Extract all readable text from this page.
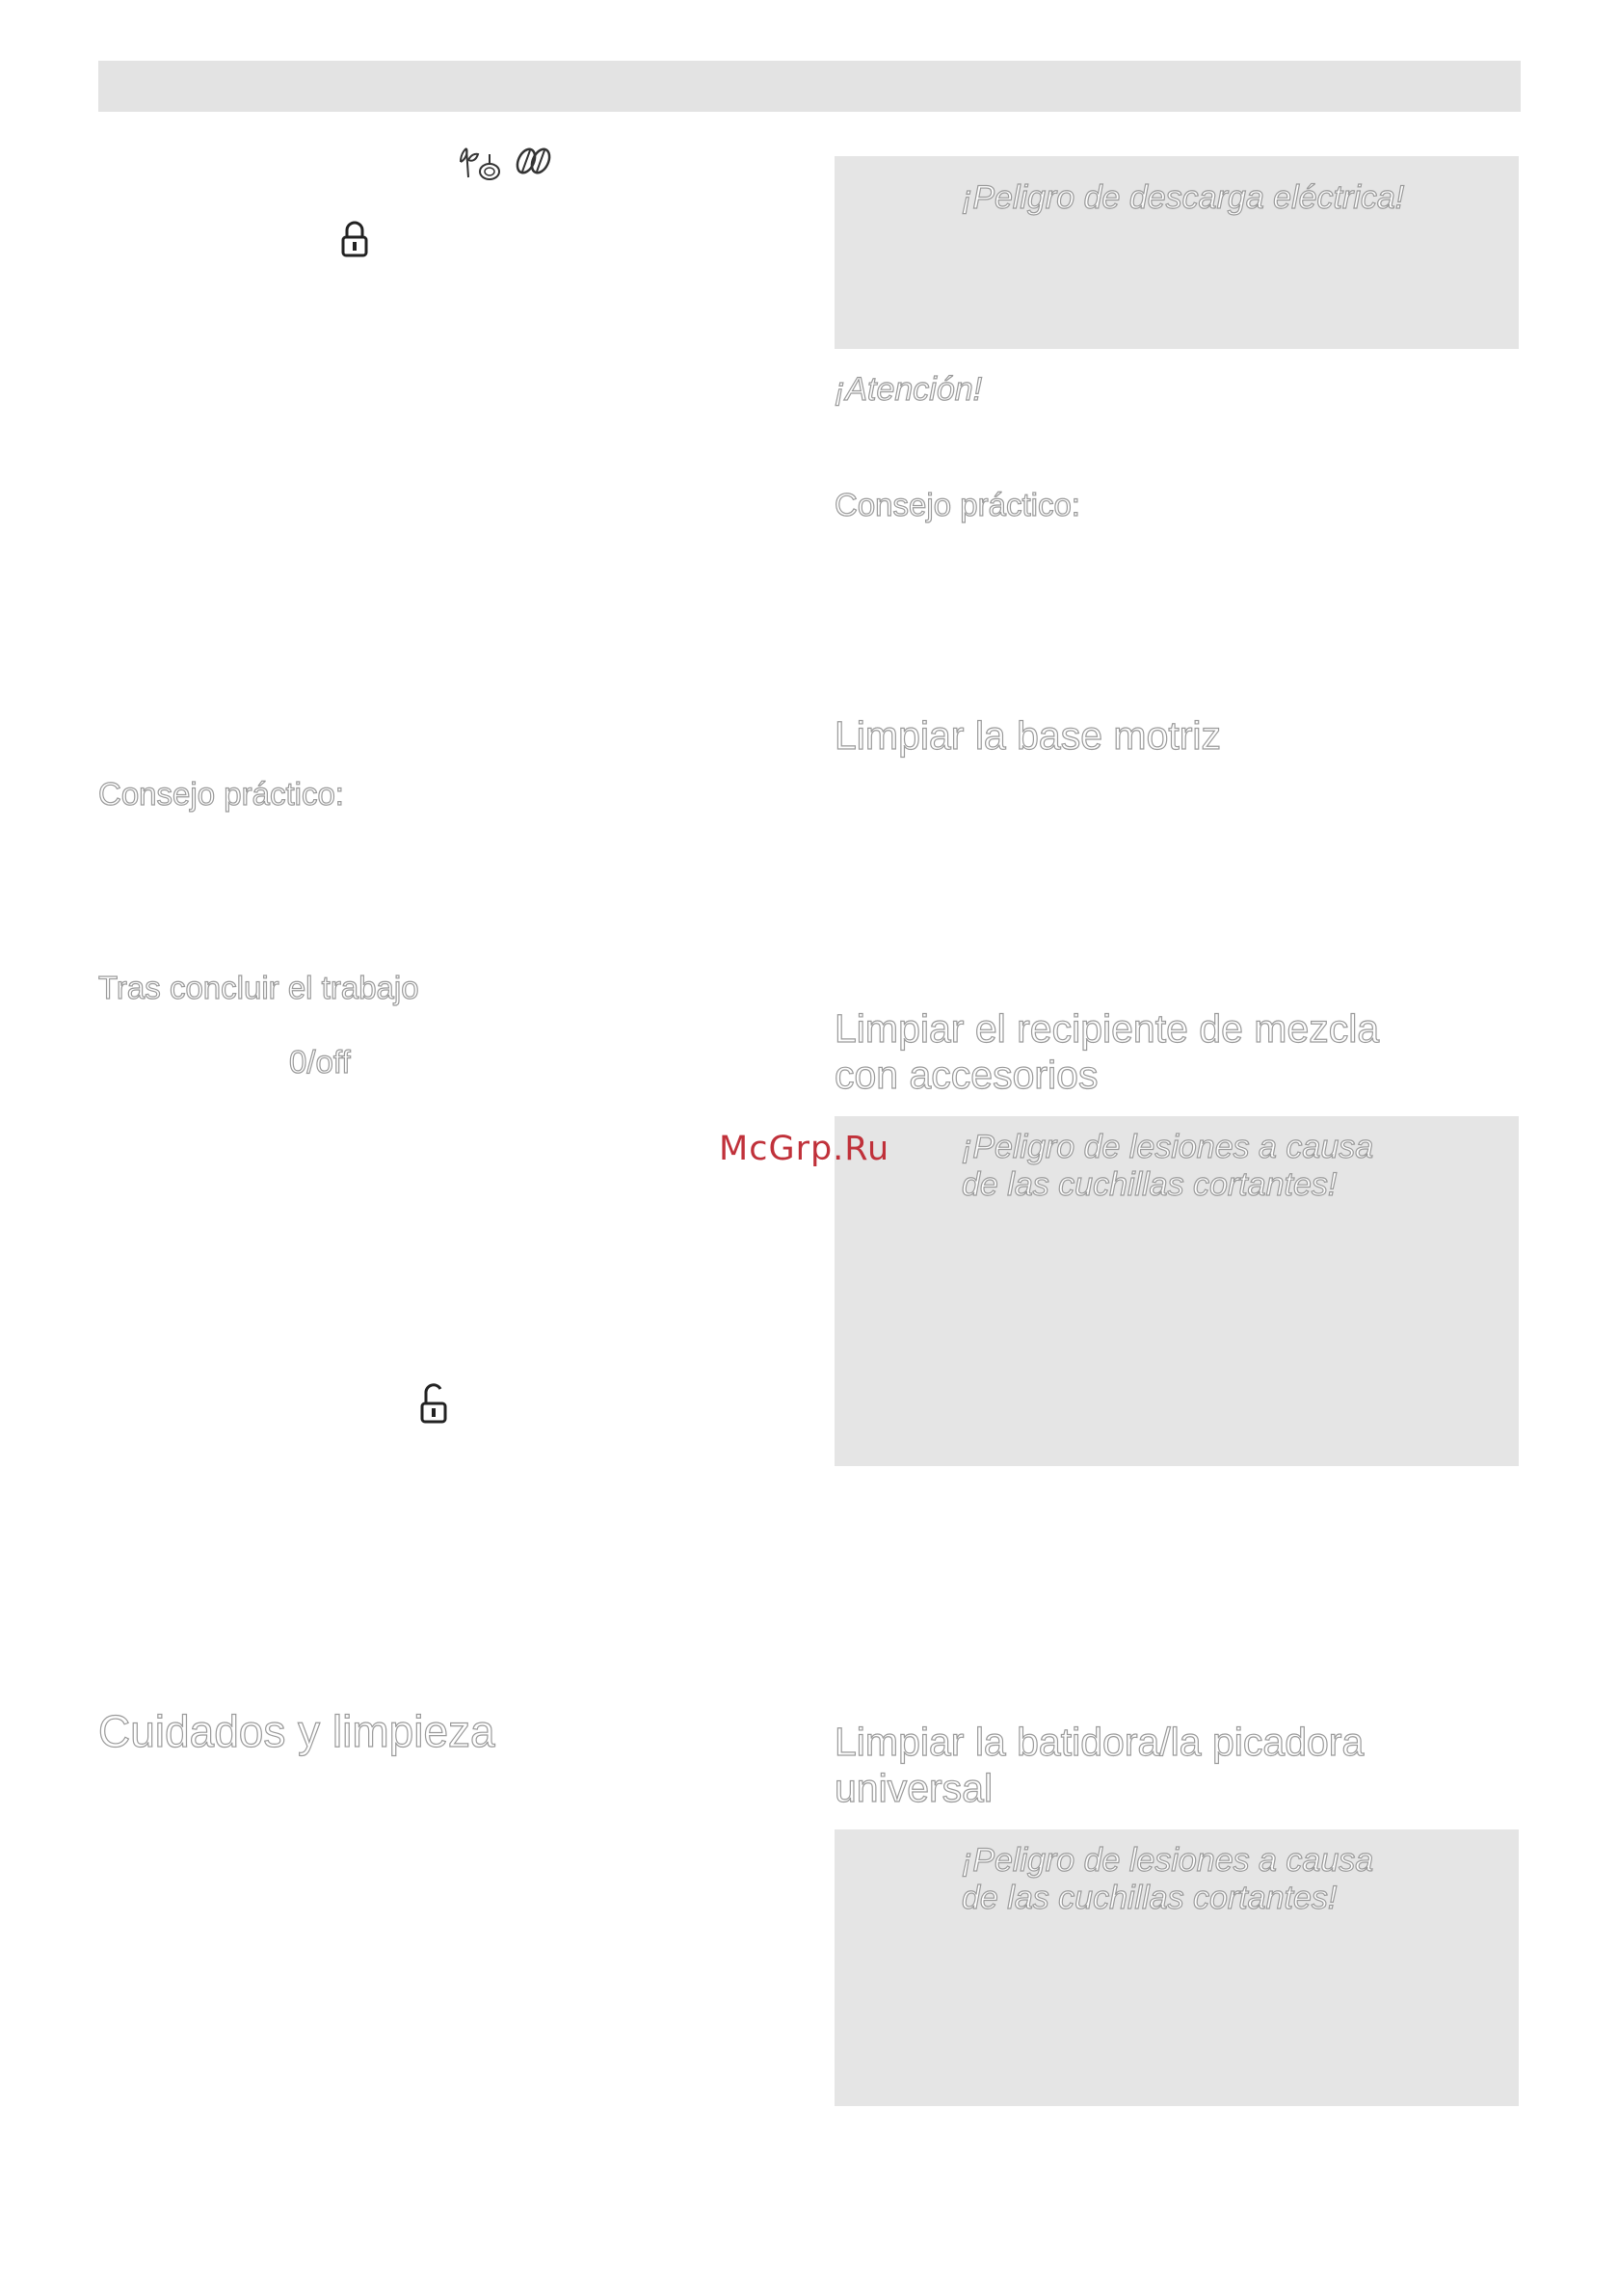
Consejo práctico:
Tras concluir el trabajo
0/off
Cuidados y limpieza
¡Peligro de descarga eléctrica!
¡Atención!
Consejo práctico:
Limpiar la base motriz
Limpiar el recipiente de mezcla
con accesorios
¡Peligro de lesiones a causa
de las cuchillas cortantes!
Limpiar la batidora/la picadora
universal
¡Peligro de lesiones a causa
de las cuchillas cortantes!
McGrp.Ru
